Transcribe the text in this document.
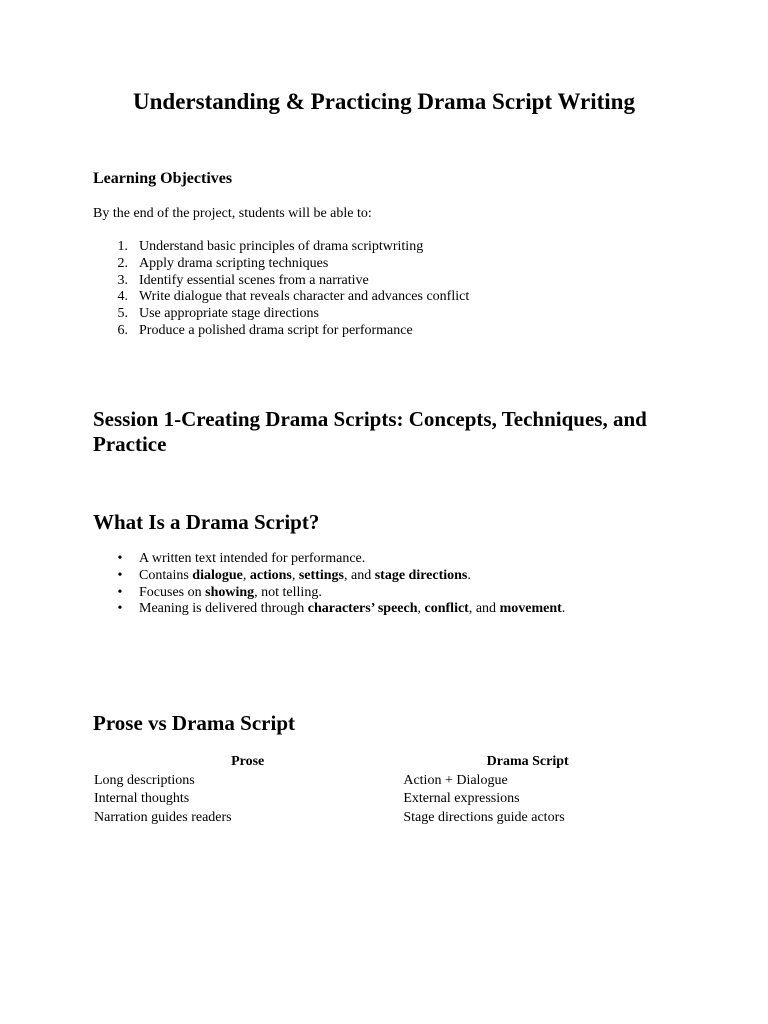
Understanding & Practicing Drama Script Writing
Learning Objectives

By the end of the project, students will be able to:

1. Understand basic principles of drama scriptwriting
2. Apply drama scripting techniques
3. Identify essential scenes from a narrative
4. Write dialogue that reveals character and advances conflict
5. Use appropriate stage directions
6. Produce a polished drama script for performance
Session 1-Creating Drama Scripts: Concepts, Techniques, and Practice
What Is a Drama Script?
• A written text intended for performance.
• Contains dialogue, actions, settings, and stage directions.
• Focuses on showing, not telling.
• Meaning is delivered through characters’ speech, conflict, and movement.
Prose vs Drama Script
Prose	Drama Script
Long descriptions	Action + Dialogue
Internal thoughts	External expressions
Narration guides readers	Stage directions guide actors
